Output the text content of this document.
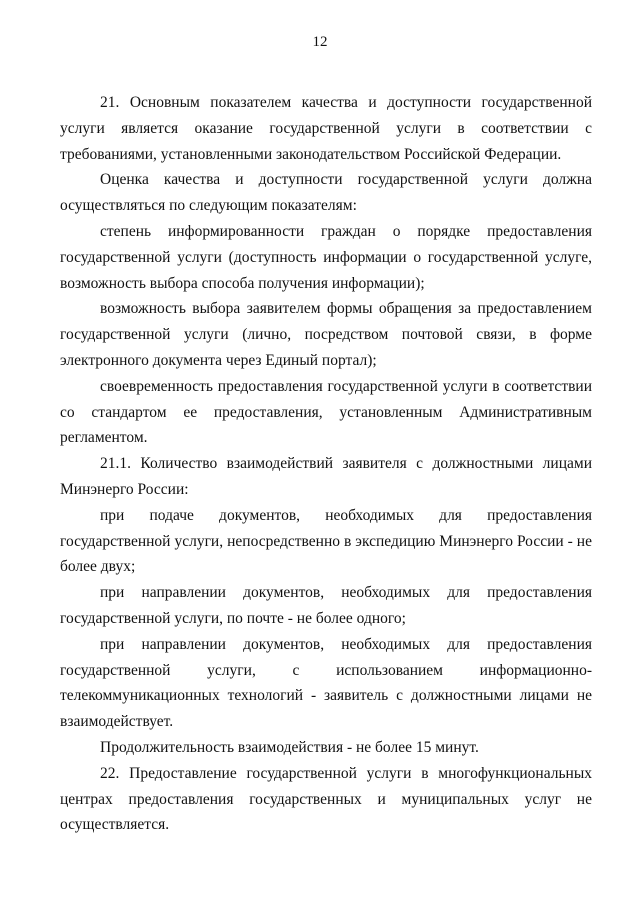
12

21. Основным показателем качества и доступности государственной услуги является оказание государственной услуги в соответствии с требованиями, установленными законодательством Российской Федерации.

Оценка качества и доступности государственной услуги должна осуществляться по следующим показателям:

степень информированности граждан о порядке предоставления государственной услуги (доступность информации о государственной услуге, возможность выбора способа получения информации);

возможность выбора заявителем формы обращения за предоставлением государственной услуги (лично, посредством почтовой связи, в форме электронного документа через Единый портал);

своевременность предоставления государственной услуги в соответствии со стандартом ее предоставления, установленным Административным регламентом.

21.1. Количество взаимодействий заявителя с должностными лицами Минэнерго России:

при подаче документов, необходимых для предоставления государственной услуги, непосредственно в экспедицию Минэнерго России - не более двух;

при направлении документов, необходимых для предоставления государственной услуги, по почте - не более одного;

при направлении документов, необходимых для предоставления государственной услуги, с использованием информационно-телекоммуникационных технологий - заявитель с должностными лицами не взаимодействует.

Продолжительность взаимодействия - не более 15 минут.

22. Предоставление государственной услуги в многофункциональных центрах предоставления государственных и муниципальных услуг не осуществляется.
